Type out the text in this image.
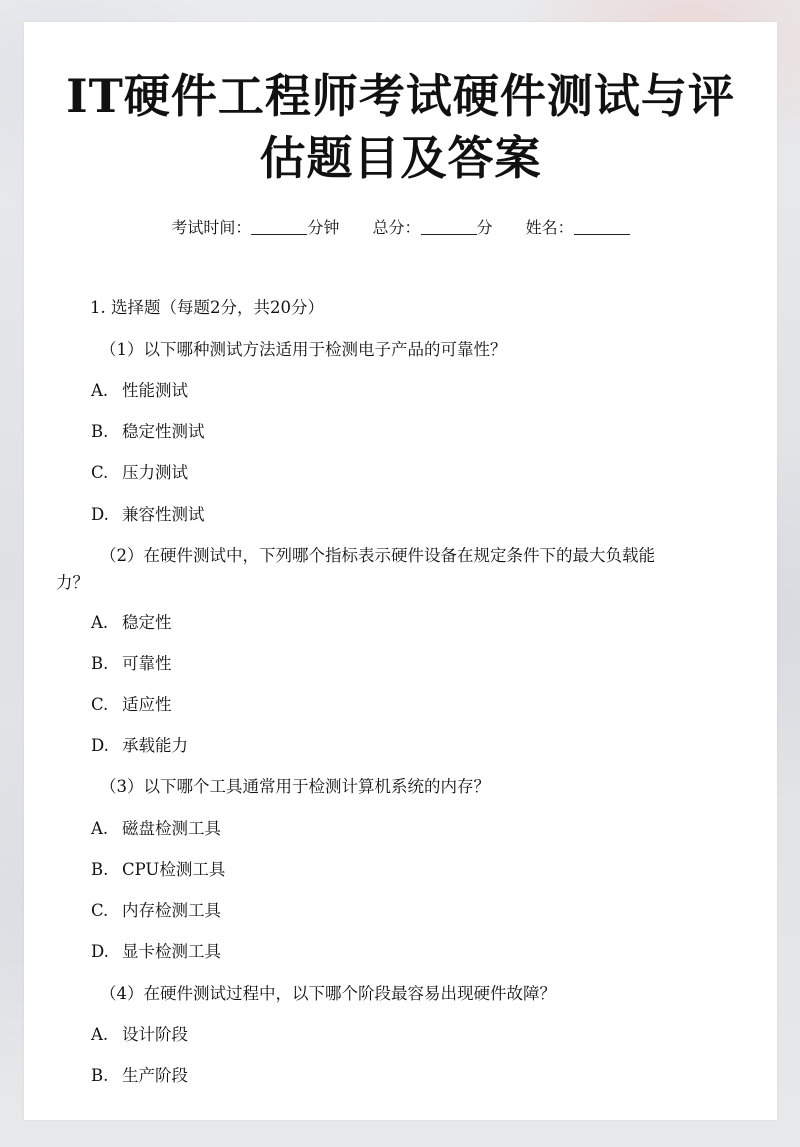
IT硬件工程师考试硬件测试与评
估题目及答案
考试时间：	分钟 总分：	分 姓名：
1. 选择题（每题2分，共20分）
（1）以下哪种测试方法适用于检测电子产品的可靠性？
A. 性能测试
B. 稳定性测试
C. 压力测试
D. 兼容性测试
（2）在硬件测试中，下列哪个指标表示硬件设备在规定条件下的最大负载能
力？
A. 稳定性
B. 可靠性
C. 适应性
D. 承载能力
（3）以下哪个工具通常用于检测计算机系统的内存？
A. 磁盘检测工具
B. CPU检测工具
C. 内存检测工具
D. 显卡检测工具
（4）在硬件测试过程中，以下哪个阶段最容易出现硬件故障？
A. 设计阶段
B. 生产阶段
